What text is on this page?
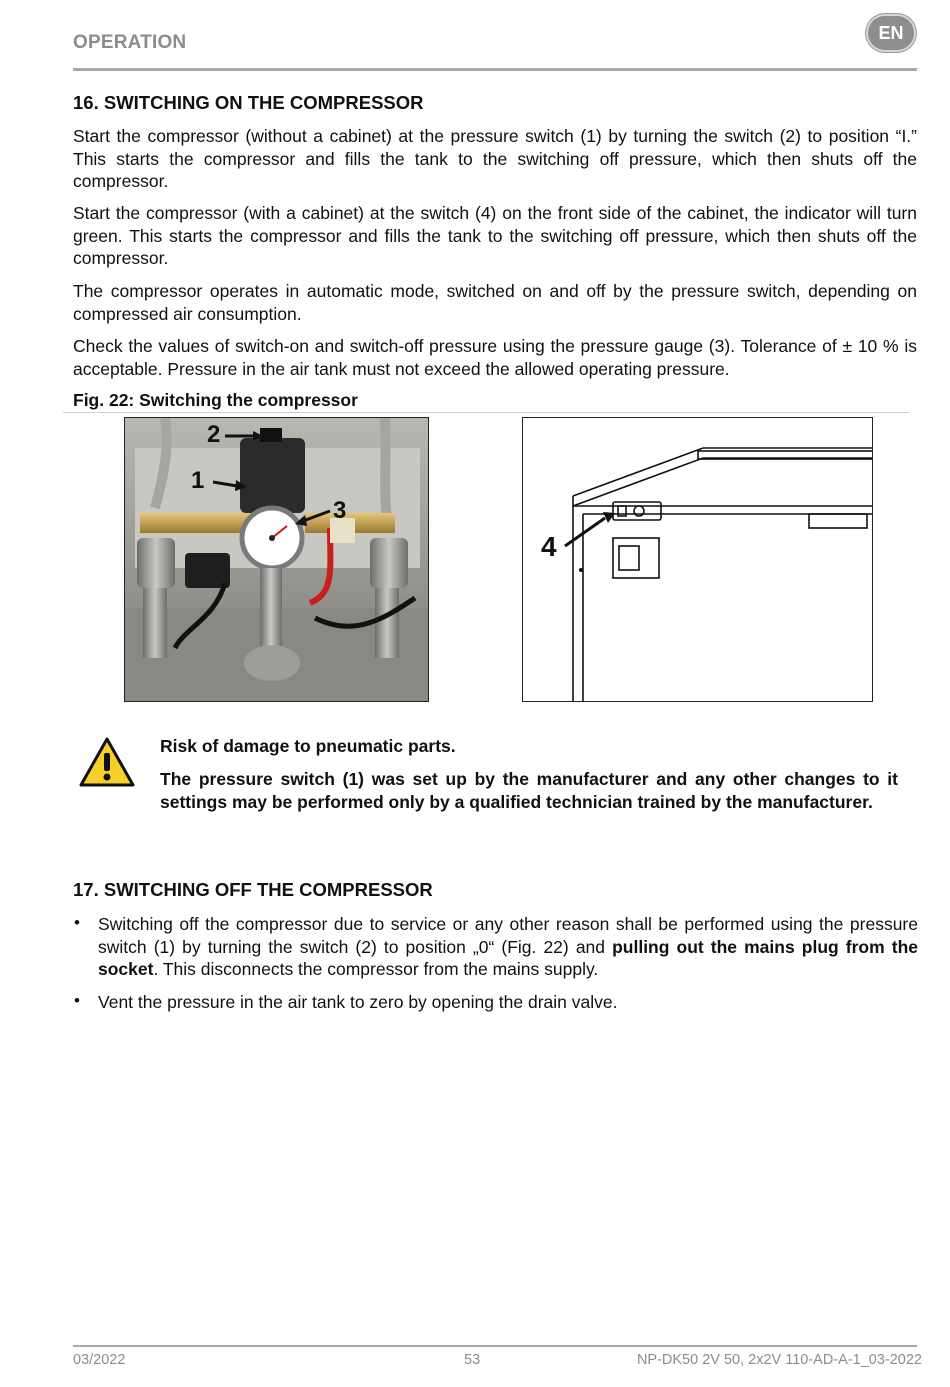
OPERATION	EN
16. SWITCHING ON THE COMPRESSOR
Start the compressor (without a cabinet) at the pressure switch (1) by turning the switch (2) to position “I.” This starts the compressor and fills the tank to the switching off pressure, which then shuts off the compressor.
Start the compressor (with a cabinet) at the switch (4) on the front side of the cabinet, the indicator will turn green. This starts the compressor and fills the tank to the switching off pressure, which then shuts off the compressor.
The compressor operates in automatic mode, switched on and off by the pressure switch, depending on compressed air consumption.
Check the values of switch-on and switch-off pressure using the pressure gauge (3). Tolerance of ± 10 % is acceptable. Pressure in the air tank must not exceed the allowed operating pressure.
Fig. 22: Switching the compressor
2
1
3
4
Risk of damage to pneumatic parts.
The pressure switch (1) was set up by the manufacturer and any other changes to it settings may be performed only by a qualified technician trained by the manufacturer.
17. SWITCHING OFF THE COMPRESSOR
• Switching off the compressor due to service or any other reason shall be performed using the pressure switch (1) by turning the switch (2) to position „0“ (Fig. 22) and pulling out the mains plug from the socket. This disconnects the compressor from the mains supply.
• Vent the pressure in the air tank to zero by opening the drain valve.
03/2022	53	NP-DK50 2V 50, 2x2V 110-AD-A-1_03-2022
